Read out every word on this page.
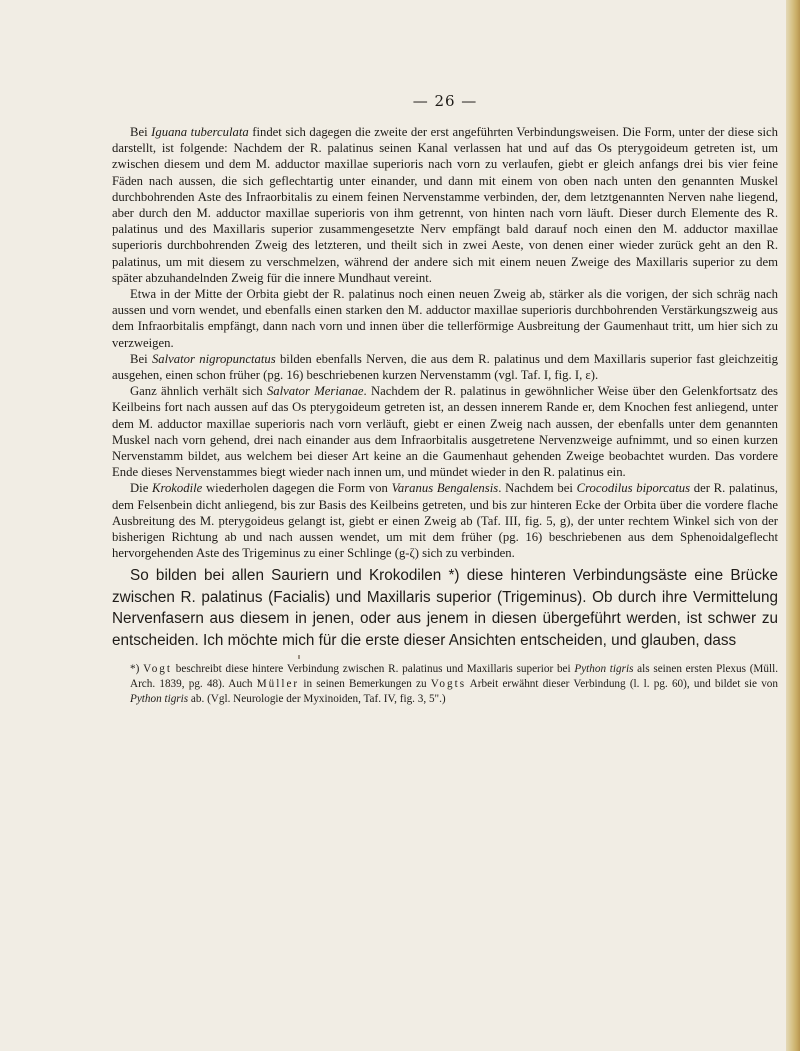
— 26 —

Bei Iguana tuberculata findet sich dagegen die zweite der erst angeführten Verbindungsweisen. Die Form, unter der diese sich darstellt, ist folgende: Nachdem der R. palatinus seinen Kanal verlassen hat und auf das Os pterygoideum getreten ist, um zwischen diesem und dem M. adductor maxillae superioris nach vorn zu verlaufen, giebt er gleich anfangs drei bis vier feine Fäden nach aussen, die sich geflechtartig unter einander, und dann mit einem von oben nach unten den genannten Muskel durchbohrenden Aste des Infraorbitalis zu einem feinen Nervenstamme verbinden, der, dem letztgenannten Nerven nahe liegend, aber durch den M. adductor maxillae superioris von ihm getrennt, von hinten nach vorn läuft. Dieser durch Elemente des R. palatinus und des Maxillaris superior zusammengesetzte Nerv empfängt bald darauf noch einen den M. adductor maxillae superioris durchbohrenden Zweig des letzteren, und theilt sich in zwei Aeste, von denen einer wieder zurück geht an den R. palatinus, um mit diesem zu verschmelzen, während der andere sich mit einem neuen Zweige des Maxillaris superior zu dem später abzuhandelnden Zweig für die innere Mundhaut vereint.

Etwa in der Mitte der Orbita giebt der R. palatinus noch einen neuen Zweig ab, stärker als die vorigen, der sich schräg nach aussen und vorn wendet, und ebenfalls einen starken den M. adductor maxillae superioris durchbohrenden Verstärkungszweig aus dem Infraorbitalis empfängt, dann nach vorn und innen über die tellerförmige Ausbreitung der Gaumenhaut tritt, um hier sich zu verzweigen.

Bei Salvator nigropunctatus bilden ebenfalls Nerven, die aus dem R. palatinus und dem Maxillaris superior fast gleichzeitig ausgehen, einen schon früher (pg. 16) beschriebenen kurzen Nervenstamm (vgl. Taf. I, fig. I, ε).

Ganz ähnlich verhält sich Salvator Merianae. Nachdem der R. palatinus in gewöhnlicher Weise über den Gelenkfortsatz des Keilbeins fort nach aussen auf das Os pterygoideum getreten ist, an dessen innerem Rande er, dem Knochen fest anliegend, unter dem M. adductor maxillae superioris nach vorn verläuft, giebt er einen Zweig nach aussen, der ebenfalls unter dem genannten Muskel nach vorn gehend, drei nach einander aus dem Infraorbitalis ausgetretene Nervenzweige aufnimmt, und so einen kurzen Nervenstamm bildet, aus welchem bei dieser Art keine an die Gaumenhaut gehenden Zweige beobachtet wurden. Das vordere Ende dieses Nervenstammes biegt wieder nach innen um, und mündet wieder in den R. palatinus ein.

Die Krokodile wiederholen dagegen die Form von Varanus Bengalensis. Nachdem bei Crocodilus biporcatus der R. palatinus, dem Felsenbein dicht anliegend, bis zur Basis des Keilbeins getreten, und bis zur hinteren Ecke der Orbita über die vordere flache Ausbreitung des M. pterygoideus gelangt ist, giebt er einen Zweig ab (Taf. III, fig. 5, g), der unter rechtem Winkel sich von der bisherigen Richtung ab und nach aussen wendet, um mit dem früher (pg. 16) beschriebenen aus dem Sphenoidalgeflecht hervorgehenden Aste des Trigeminus zu einer Schlinge (g-ζ) sich zu verbinden.

So bilden bei allen Sauriern und Krokodilen *) diese hinteren Verbindungsäste eine Brücke zwischen R. palatinus (Facialis) und Maxillaris superior (Trigeminus). Ob durch ihre Vermittelung Nervenfasern aus diesem in jenen, oder aus jenem in diesen übergeführt werden, ist schwer zu entscheiden. Ich möchte mich für die erste dieser Ansichten entscheiden, und glauben, dass

*) Vogt beschreibt diese hintere Verbindung zwischen R. palatinus und Maxillaris superior bei Python tigris als seinen ersten Plexus (Müll. Arch. 1839, pg. 48). Auch Müller in seinen Bemerkungen zu Vogts Arbeit erwähnt dieser Verbindung (l. l. pg. 60), und bildet sie von Python tigris ab. (Vgl. Neurologie der Myxinoiden, Taf. IV, fig. 3, 5".)
